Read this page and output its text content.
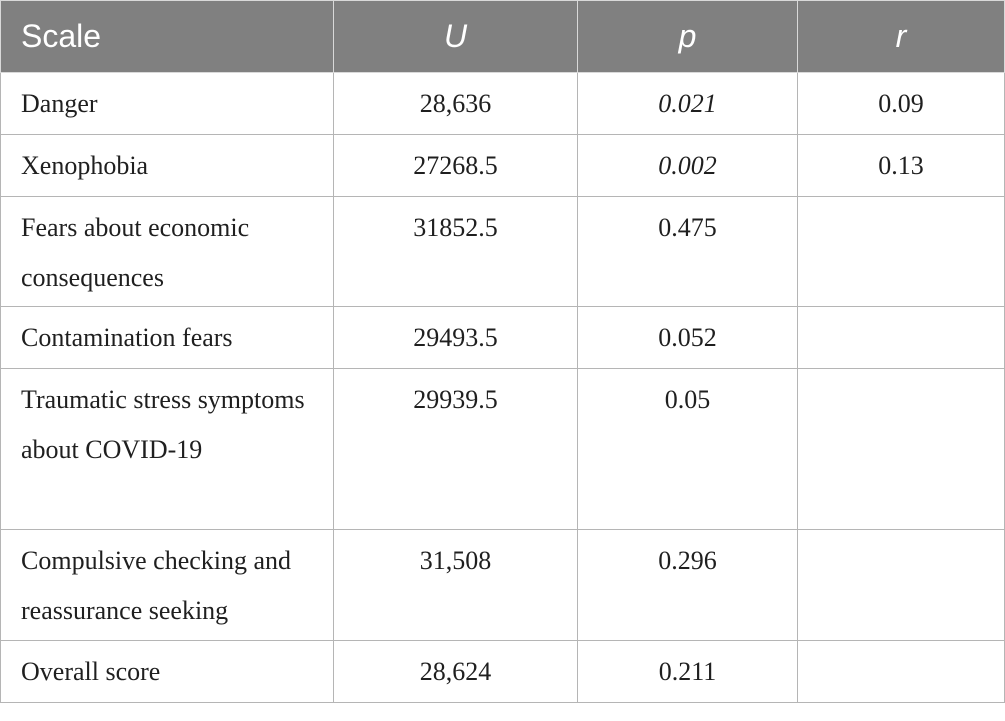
Scale	U	p	r
Danger	28,636	0.021	0.09
Xenophobia	27268.5	0.002	0.13
Fears about economic consequences	31852.5	0.475	
Contamination fears	29493.5	0.052	
Traumatic stress symptoms about COVID-19	29939.5	0.05	
Compulsive checking and reassurance seeking	31,508	0.296	
Overall score	28,624	0.211	
